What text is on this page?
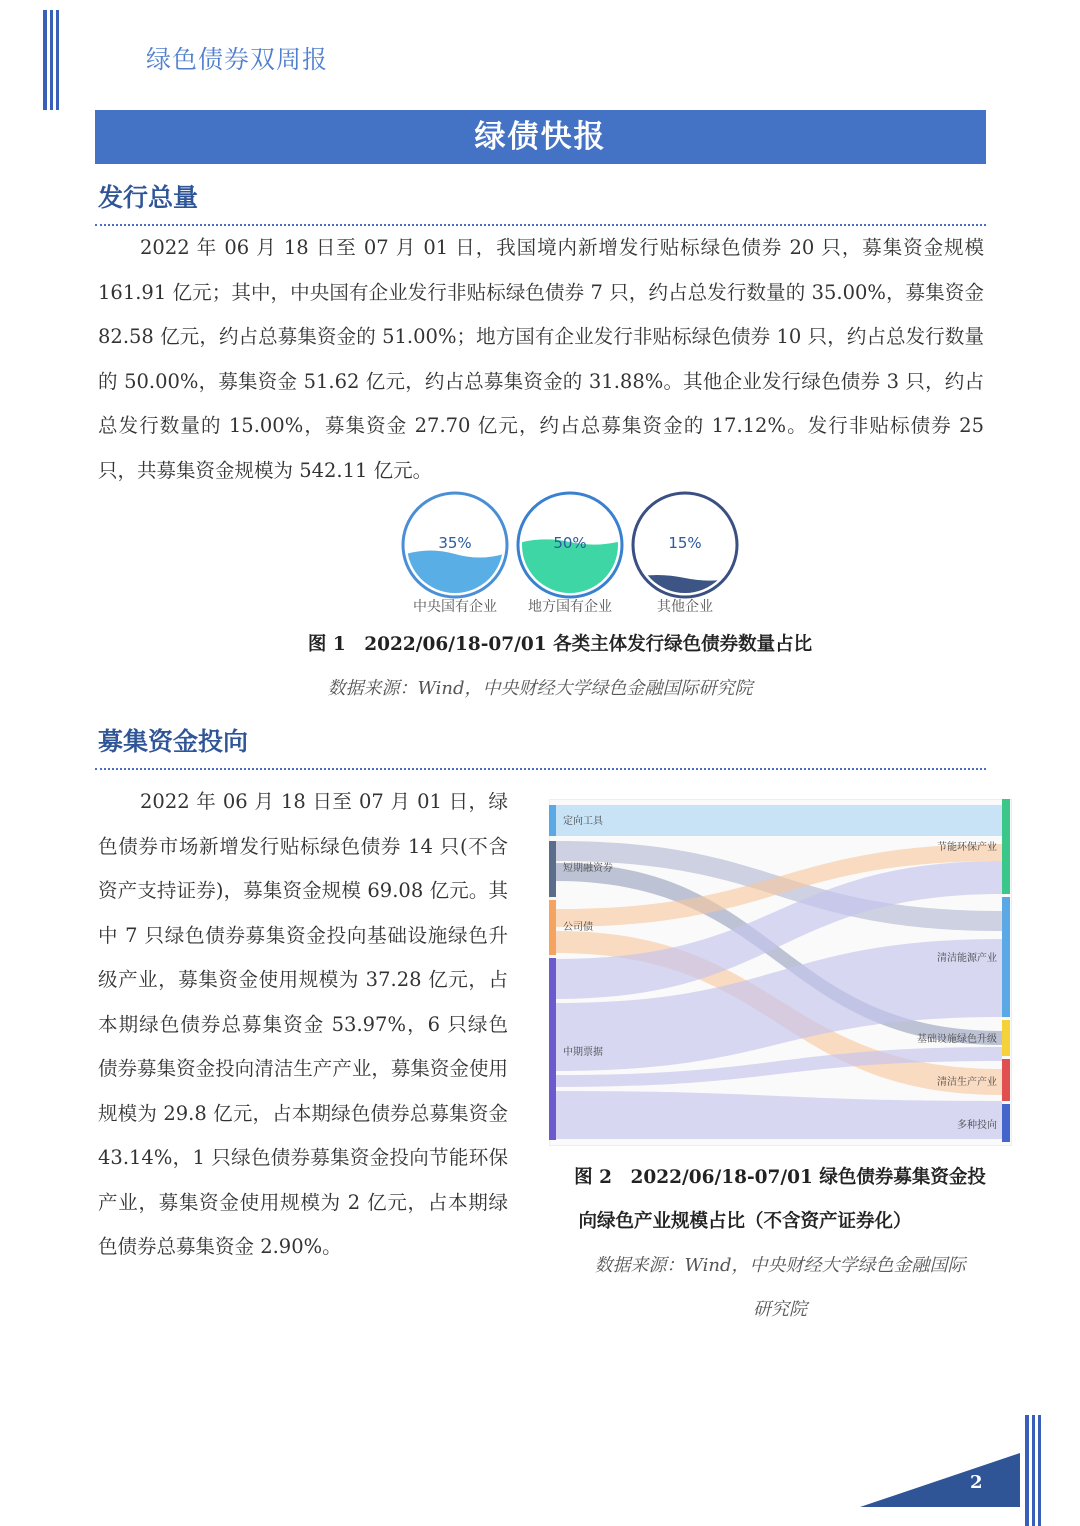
绿色债券双周报
绿债快报
发行总量

2022 年 06 月 18 日至 07 月 01 日，我国境内新增发行贴标绿色债券 20 只，募集资金规模 161.91 亿元；其中，中央国有企业发行非贴标绿色债券 7 只，约占总发行数量的 35.00%，募集资金 82.58 亿元，约占总募集资金的 51.00%；地方国有企业发行非贴标绿色债券 10 只，约占总发行数量的 50.00%，募集资金 51.62 亿元，约占总募集资金的 31.88%。其他企业发行绿色债券 3 只，约占总发行数量的 15.00%，募集资金 27.70 亿元，约占总募集资金的 17.12%。发行非贴标债券 25 只，共募集资金规模为 542.11 亿元。

35%	50%	15%
中央国有企业	地方国有企业	其他企业
图 1　2022/06/18-07/01 各类主体发行绿色债券数量占比
数据来源：Wind，中央财经大学绿色金融国际研究院
募集资金投向

2022 年 06 月 18 日至 07 月 01 日，绿色债券市场新增发行贴标绿色债券 14 只(不含资产支持证券)，募集资金规模 69.08 亿元。其中 7 只绿色债券募集资金投向基础设施绿色升级产业，募集资金使用规模为 37.28 亿元，占本期绿色债券总募集资金 53.97%，6 只绿色债券募集资金投向清洁生产产业，募集资金使用规模为 29.8 亿元，占本期绿色债券总募集资金 43.14%，1 只绿色债券募集资金投向节能环保产业，募集资金使用规模为 2 亿元，占本期绿色债券总募集资金 2.90%。

定向工具
短期融资券
公司债
中期票据
节能环保产业
清洁能源产业
基础设施绿色升级
清洁生产产业
多种投向
图 2　2022/06/18-07/01 绿色债券募集资金投
向绿色产业规模占比（不含资产证券化）
数据来源：Wind，中央财经大学绿色金融国际
研究院
2
